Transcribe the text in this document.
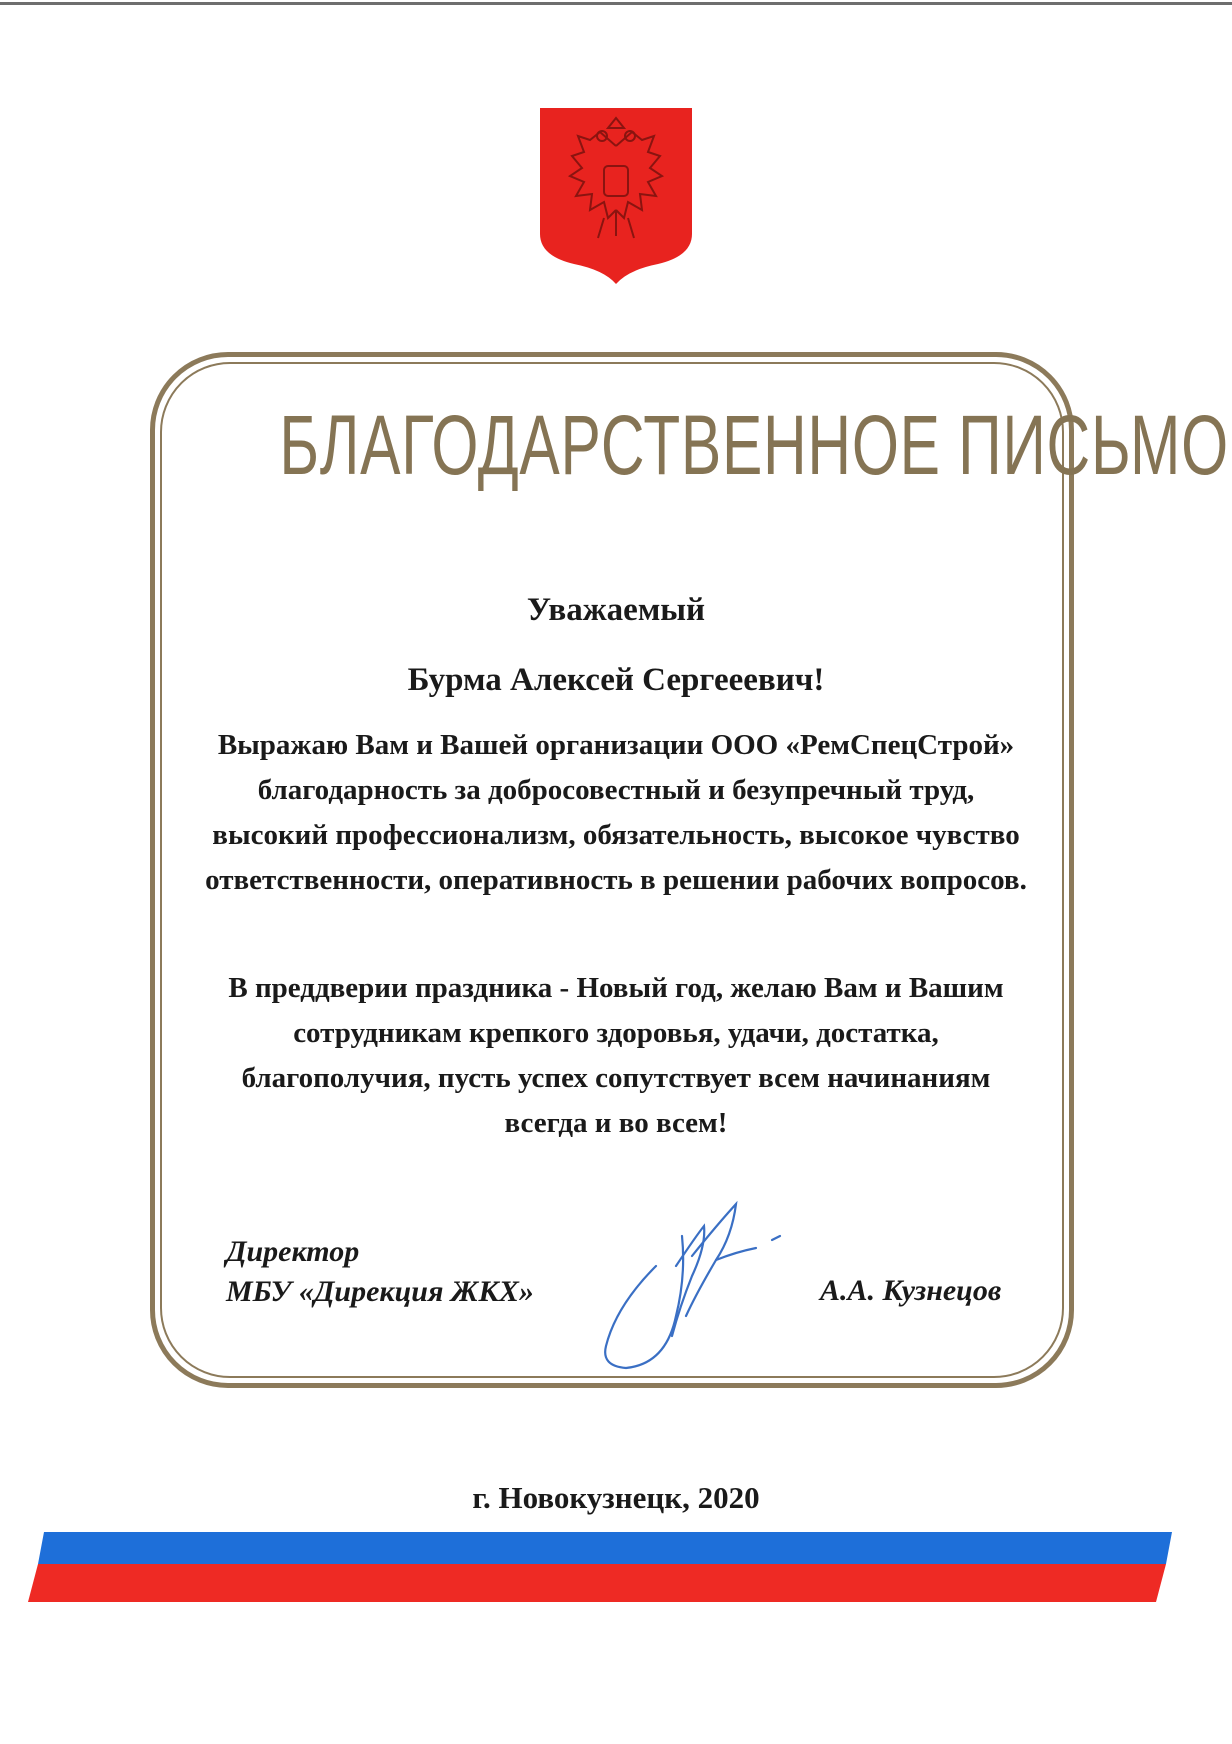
БЛАГОДАРСТВЕННОЕ ПИСЬМО
Уважаемый
Бурма Алексей Сергееевич!
Выражаю Вам и Вашей организации ООО «РемСпецСтрой» благодарность за добросовестный и безупречный труд, высокий профессионализм, обязательность, высокое чувство ответственности, оперативность в решении рабочих вопросов.
В преддверии праздника - Новый год, желаю Вам и Вашим сотрудникам крепкого здоровья, удачи, достатка, благополучия, пусть успех сопутствует всем начинаниям всегда и во всем!
Директор
МБУ «Дирекция ЖКХ»	А.А. Кузнецов
г. Новокузнецк, 2020
